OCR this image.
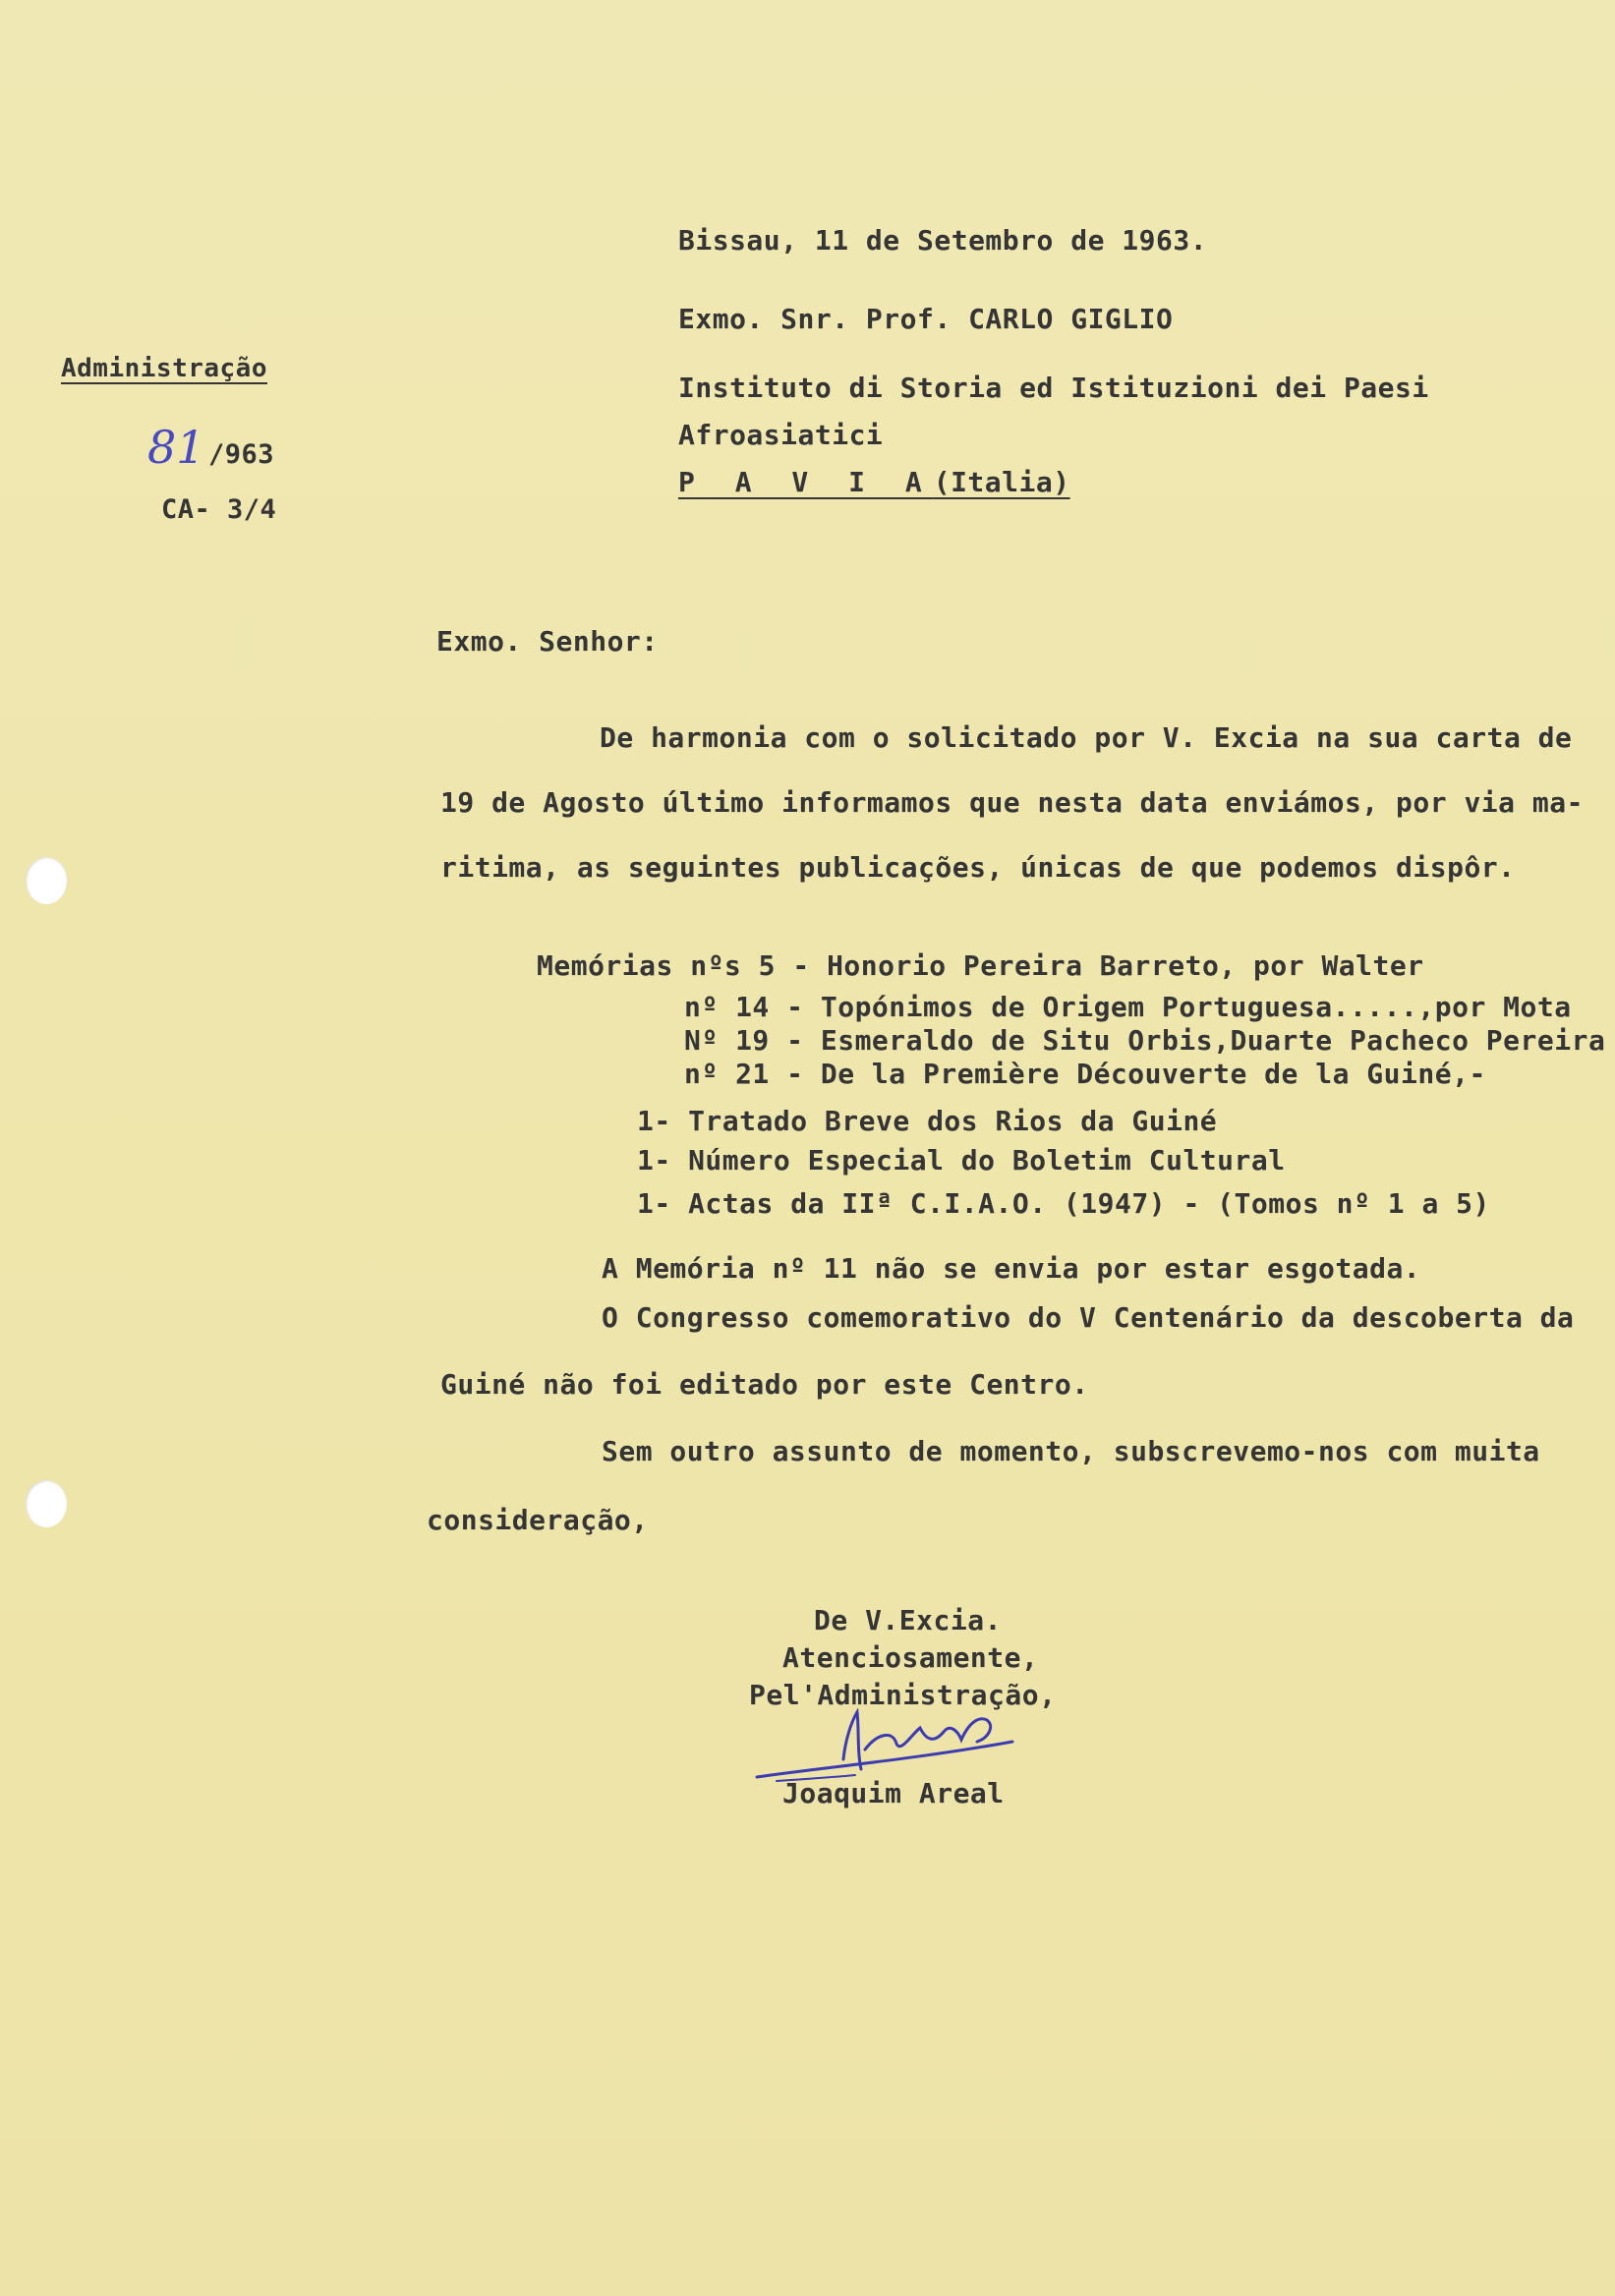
Bissau, 11 de Setembro de 1963.
Exmo. Snr. Prof. CARLO GIGLIO
Instituto di Storia ed Istituzioni dei Paesi
Afroasiatici
P A V I A(Italia)
Administração
81 /963
CA- 3/4
Exmo. Senhor:
De harmonia com o solicitado por V. Excia na sua carta de
19 de Agosto último informamos que nesta data enviámos, por via ma-
ritima, as seguintes publicações, únicas de que podemos dispôr.
Memórias nºs 5 - Honorio Pereira Barreto, por Walter
nº 14 - Topónimos de Origem Portuguesa.....,por Mota
Nº 19 - Esmeraldo de Situ Orbis,Duarte Pacheco Pereira
nº 21 - De la Première Découverte de la Guiné,-
1- Tratado Breve dos Rios da Guiné
1- Número Especial do Boletim Cultural
1- Actas da IIª C.I.A.O. (1947) - (Tomos nº 1 a 5)
A Memória nº 11 não se envia por estar esgotada.
O Congresso comemorativo do V Centenário da descoberta da
Guiné não foi editado por este Centro.
Sem outro assunto de momento, subscrevemo-nos com muita
consideração,
De V.Excia.
Atenciosamente,
Pel'Administração,
Joaquim Areal
